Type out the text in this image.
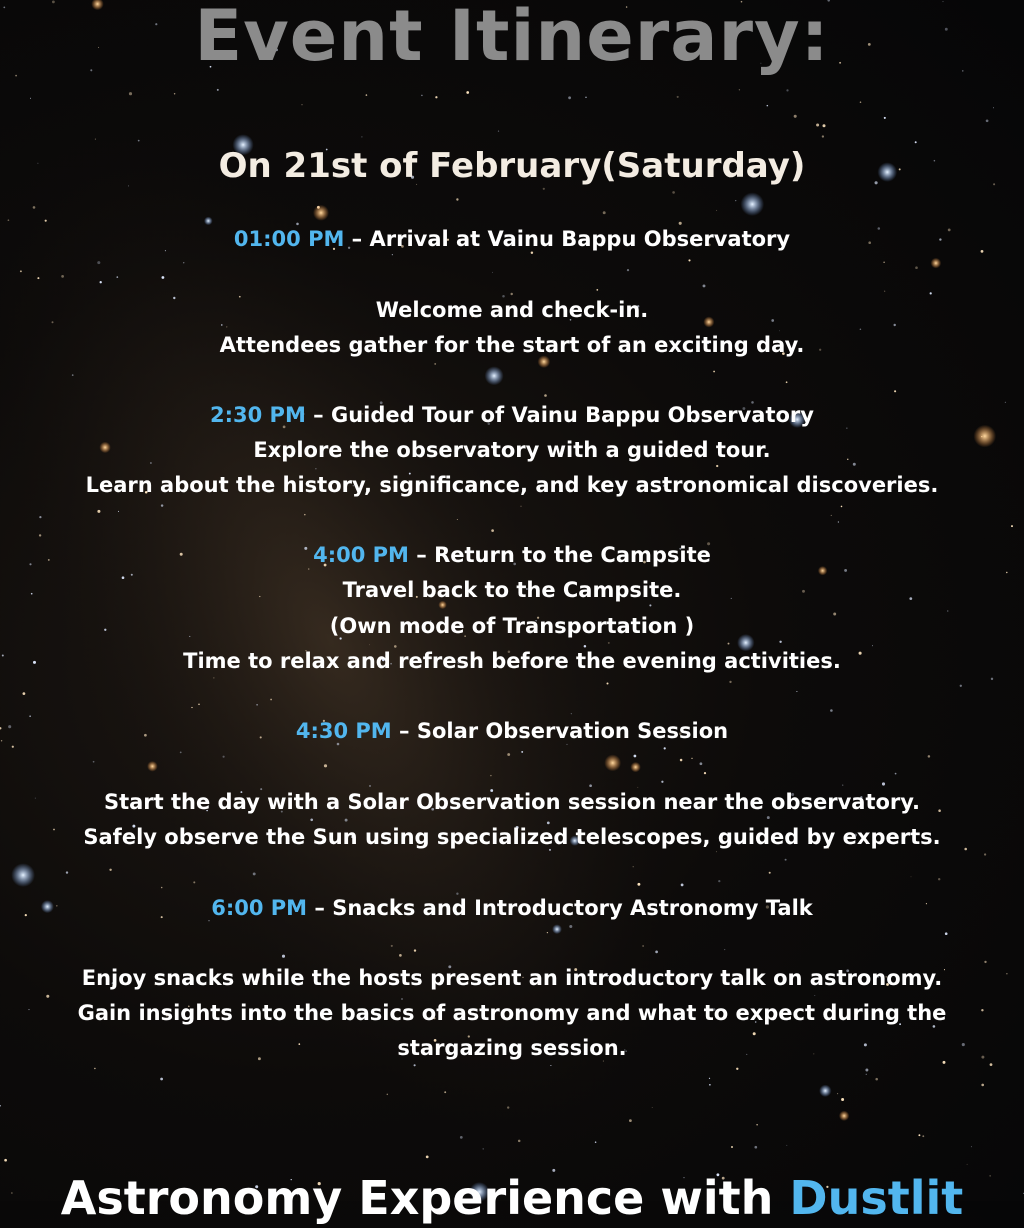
Event Itinerary:
On 21st of February(Saturday)
01:00 PM – Arrival at Vainu Bappu Observatory
Welcome and check-in.
Attendees gather for the start of an exciting day.
2:30 PM – Guided Tour of Vainu Bappu Observatory
Explore the observatory with a guided tour.
Learn about the history, significance, and key astronomical discoveries.
4:00 PM – Return to the Campsite
Travel back to the Campsite.
(Own mode of Transportation )
Time to relax and refresh before the evening activities.
4:30 PM – Solar Observation Session
Start the day with a Solar Observation session near the observatory.
Safely observe the Sun using specialized telescopes, guided by experts.
6:00 PM – Snacks and Introductory Astronomy Talk
Enjoy snacks while the hosts present an introductory talk on astronomy.
Gain insights into the basics of astronomy and what to expect during the
stargazing session.
Astronomy Experience with Dustlit
